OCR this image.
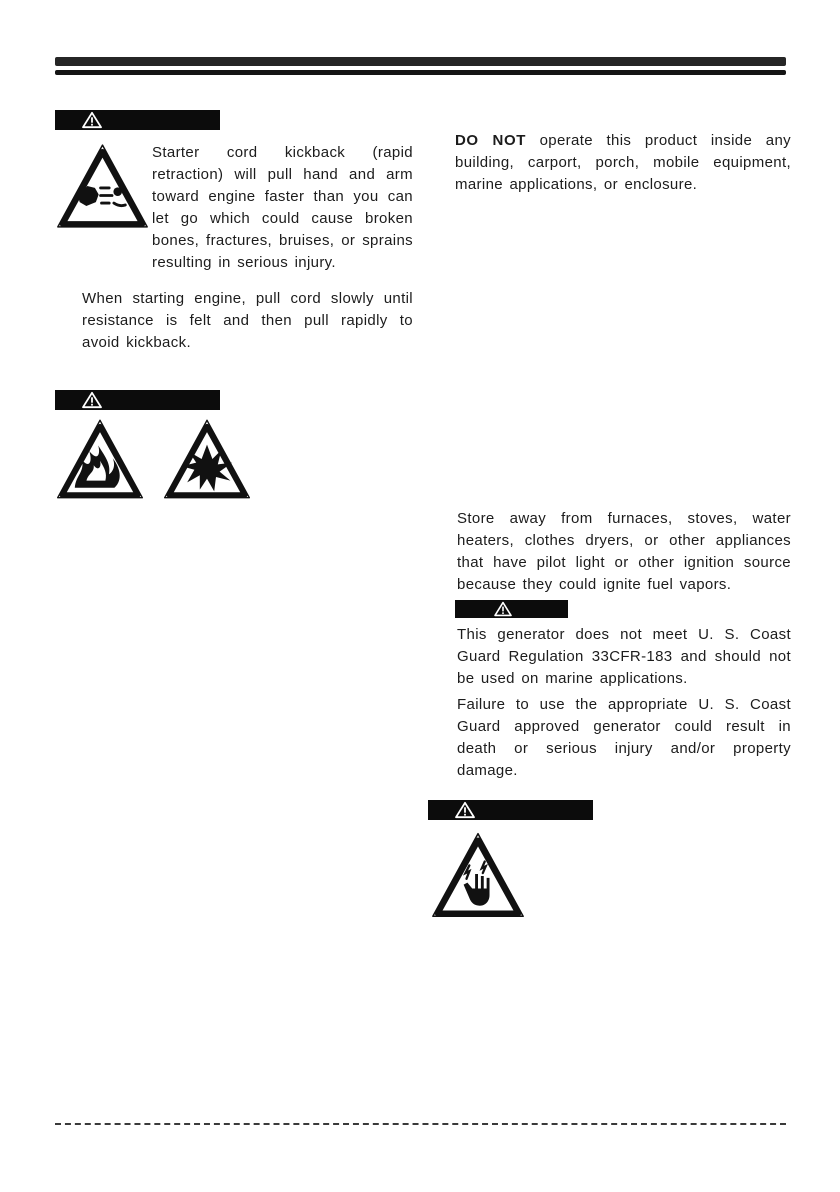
Starter cord kickback (rapid retraction) will pull hand and arm toward engine faster than you can let go which could cause broken bones, fractures, bruises, or sprains resulting in serious injury.

When starting engine, pull cord slowly until resistance is felt and then pull rapidly to avoid kickback.

DO NOT operate this product inside any building, carport, porch, mobile equipment, marine applications, or enclosure.

Store away from furnaces, stoves, water heaters, clothes dryers, or other appliances that have pilot light or other ignition source because they could ignite fuel vapors.

This generator does not meet U. S. Coast Guard Regulation 33CFR-183 and should not be used on marine applications.

Failure to use the appropriate U. S. Coast Guard approved generator could result in death or serious injury and/or property damage.
